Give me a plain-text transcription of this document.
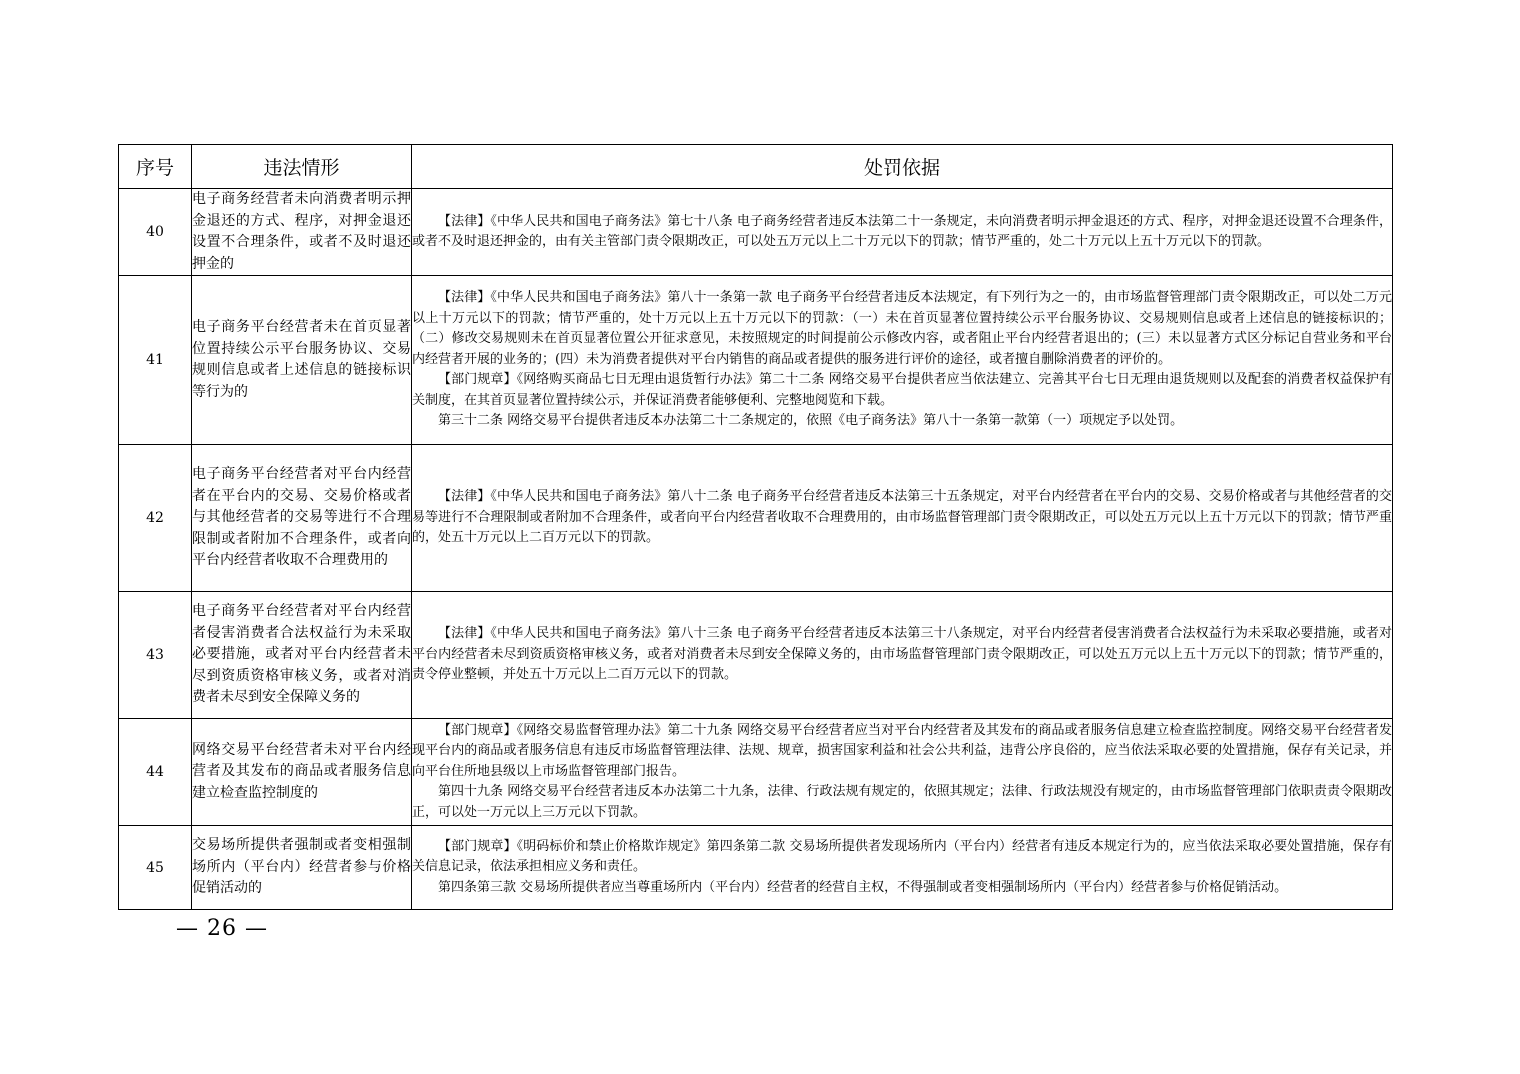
序号	违法情形	处罚依据
40	电子商务经营者未向消费者明示押金退还的方式、程序，对押金退还设置不合理条件，或者不及时退还押金的	【法律】《中华人民共和国电子商务法》第七十八条 电子商务经营者违反本法第二十一条规定，未向消费者明示押金退还的方式、程序，对押金退还设置不合理条件，或者不及时退还押金的，由有关主管部门责令限期改正，可以处五万元以上二十万元以下的罚款；情节严重的，处二十万元以上五十万元以下的罚款。

41	电子商务平台经营者未在首页显著位置持续公示平台服务协议、交易规则信息或者上述信息的链接标识等行为的	【法律】《中华人民共和国电子商务法》第八十一条第一款 电子商务平台经营者违反本法规定，有下列行为之一的，由市场监督管理部门责令限期改正，可以处二万元以上十万元以下的罚款；情节严重的，处十万元以上五十万元以下的罚款：（一）未在首页显著位置持续公示平台服务协议、交易规则信息或者上述信息的链接标识的；（二）修改交易规则未在首页显著位置公开征求意见，未按照规定的时间提前公示修改内容，或者阻止平台内经营者退出的；(三）未以显著方式区分标记自营业务和平台内经营者开展的业务的；(四）未为消费者提供对平台内销售的商品或者提供的服务进行评价的途径，或者擅自删除消费者的评价的。

【部门规章】《网络购买商品七日无理由退货暂行办法》第二十二条 网络交易平台提供者应当依法建立、完善其平台七日无理由退货规则以及配套的消费者权益保护有关制度，在其首页显著位置持续公示，并保证消费者能够便利、完整地阅览和下载。

第三十二条 网络交易平台提供者违反本办法第二十二条规定的，依照《电子商务法》第八十一条第一款第（一）项规定予以处罚。

42	电子商务平台经营者对平台内经营者在平台内的交易、交易价格或者与其他经营者的交易等进行不合理限制或者附加不合理条件，或者向平台内经营者收取不合理费用的	【法律】《中华人民共和国电子商务法》第八十二条 电子商务平台经营者违反本法第三十五条规定，对平台内经营者在平台内的交易、交易价格或者与其他经营者的交易等进行不合理限制或者附加不合理条件，或者向平台内经营者收取不合理费用的，由市场监督管理部门责令限期改正，可以处五万元以上五十万元以下的罚款；情节严重的，处五十万元以上二百万元以下的罚款。

43	电子商务平台经营者对平台内经营者侵害消费者合法权益行为未采取必要措施，或者对平台内经营者未尽到资质资格审核义务，或者对消费者未尽到安全保障义务的	【法律】《中华人民共和国电子商务法》第八十三条 电子商务平台经营者违反本法第三十八条规定，对平台内经营者侵害消费者合法权益行为未采取必要措施，或者对平台内经营者未尽到资质资格审核义务，或者对消费者未尽到安全保障义务的，由市场监督管理部门责令限期改正，可以处五万元以上五十万元以下的罚款；情节严重的，责令停业整顿，并处五十万元以上二百万元以下的罚款。

44	网络交易平台经营者未对平台内经营者及其发布的商品或者服务信息建立检查监控制度的	【部门规章】《网络交易监督管理办法》第二十九条 网络交易平台经营者应当对平台内经营者及其发布的商品或者服务信息建立检查监控制度。网络交易平台经营者发现平台内的商品或者服务信息有违反市场监督管理法律、法规、规章，损害国家利益和社会公共利益，违背公序良俗的，应当依法采取必要的处置措施，保存有关记录，并向平台住所地县级以上市场监督管理部门报告。

第四十九条 网络交易平台经营者违反本办法第二十九条，法律、行政法规有规定的，依照其规定；法律、行政法规没有规定的，由市场监督管理部门依职责责令限期改正，可以处一万元以上三万元以下罚款。

45	交易场所提供者强制或者变相强制场所内（平台内）经营者参与价格促销活动的	【部门规章】《明码标价和禁止价格欺诈规定》第四条第二款 交易场所提供者发现场所内（平台内）经营者有违反本规定行为的，应当依法采取必要处置措施，保存有关信息记录，依法承担相应义务和责任。

第四条第三款 交易场所提供者应当尊重场所内（平台内）经营者的经营自主权，不得强制或者变相强制场所内（平台内）经营者参与价格促销活动。

— 26 —
